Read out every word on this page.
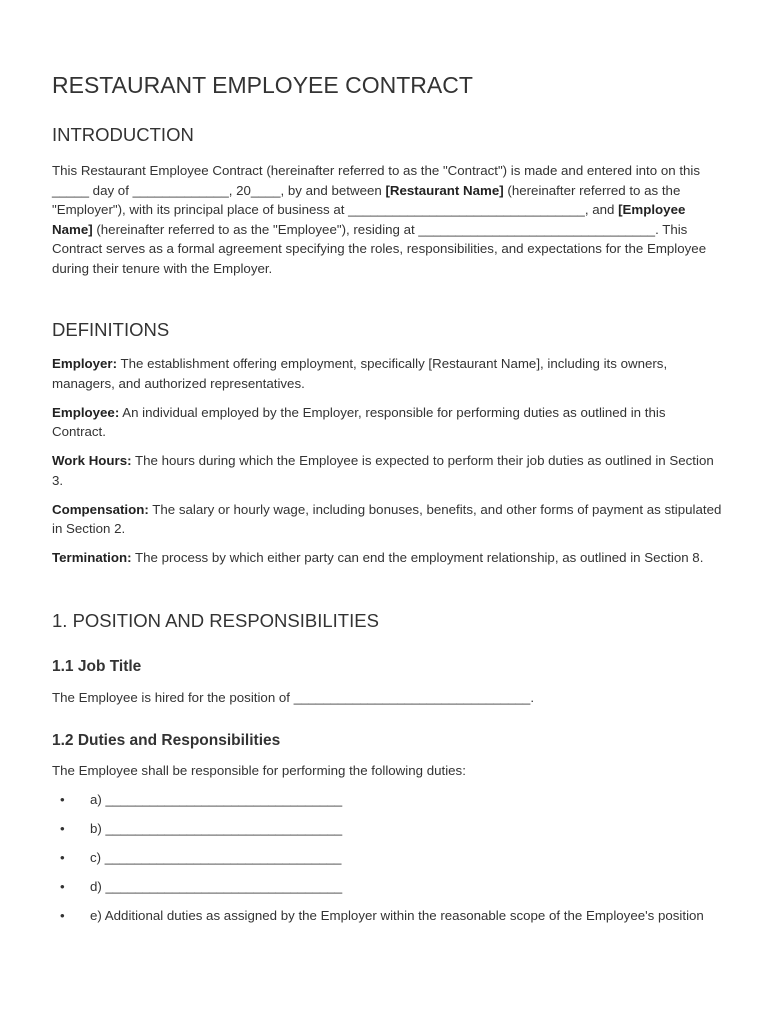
RESTAURANT EMPLOYEE CONTRACT
INTRODUCTION

This Restaurant Employee Contract (hereinafter referred to as the "Contract") is made and entered into on this _____ day of _____________, 20____, by and between [Restaurant Name] (hereinafter referred to as the "Employer"), with its principal place of business at ________________________________, and [Employee Name] (hereinafter referred to as the "Employee"), residing at ________________________________. This Contract serves as a formal agreement specifying the roles, responsibilities, and expectations for the Employee during their tenure with the Employer.

DEFINITIONS

Employer: The establishment offering employment, specifically [Restaurant Name], including its owners, managers, and authorized representatives.

Employee: An individual employed by the Employer, responsible for performing duties as outlined in this Contract.

Work Hours: The hours during which the Employee is expected to perform their job duties as outlined in Section 3.

Compensation: The salary or hourly wage, including bonuses, benefits, and other forms of payment as stipulated in Section 2.

Termination: The process by which either party can end the employment relationship, as outlined in Section 8.

1. POSITION AND RESPONSIBILITIES
1.1 Job Title

The Employee is hired for the position of ________________________________.

1.2 Duties and Responsibilities

The Employee shall be responsible for performing the following duties:

• a) ________________________________
• b) ________________________________
• c) ________________________________
• d) ________________________________
• e) Additional duties as assigned by the Employer within the reasonable scope of the Employee's position
